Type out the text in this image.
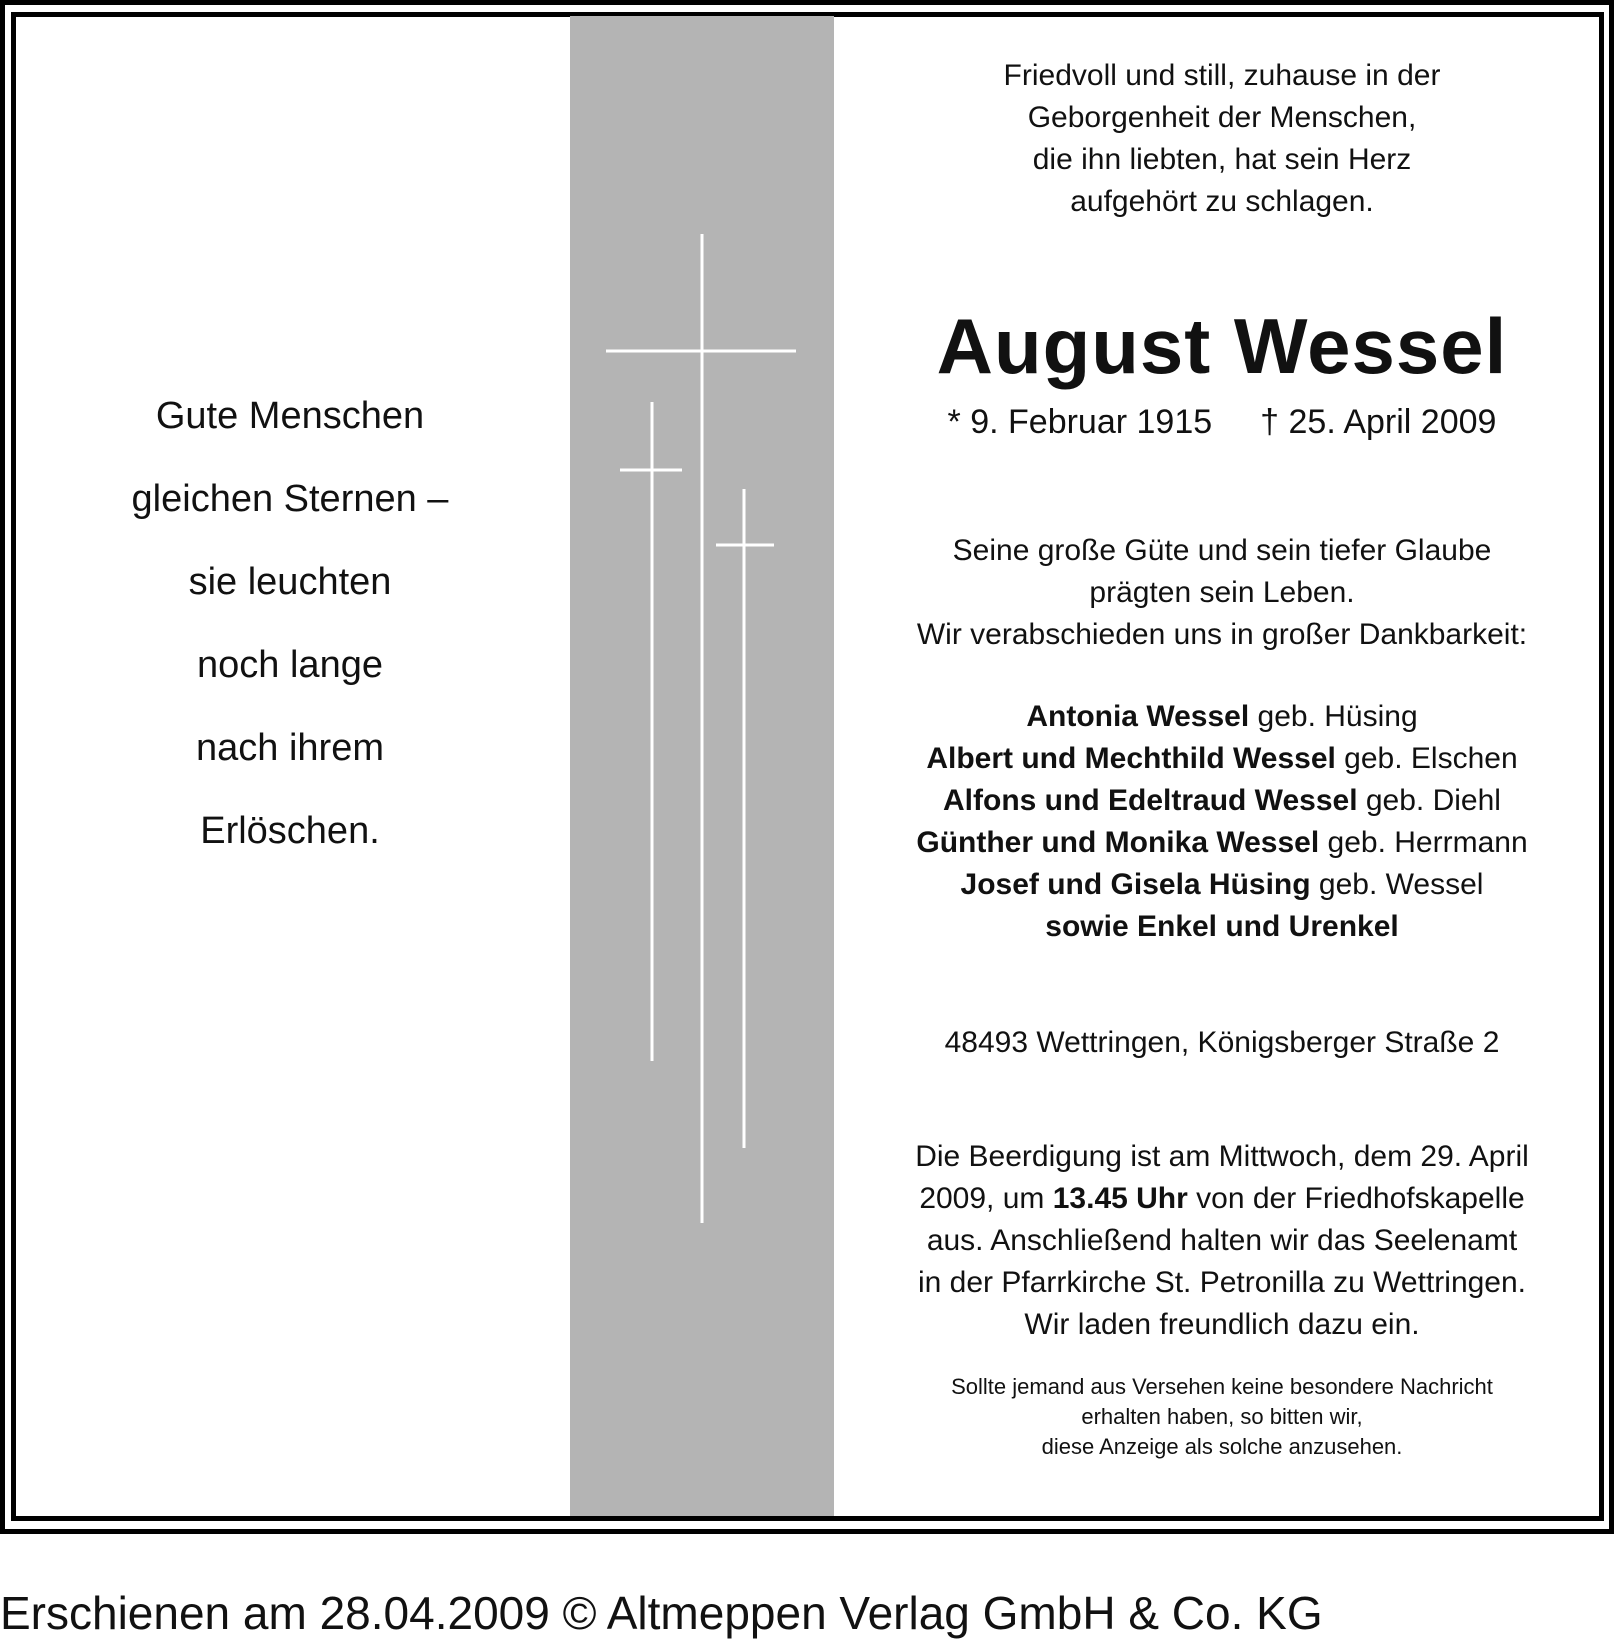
Gute Menschen
gleichen Sternen –
sie leuchten
noch lange
nach ihrem
Erlöschen.
Friedvoll und still, zuhause in der
Geborgenheit der Menschen,
die ihn liebten, hat sein Herz
aufgehört zu schlagen.
August Wessel
* 9. Februar 1915 † 25. April 2009
Seine große Güte und sein tiefer Glaube
prägten sein Leben.
Wir verabschieden uns in großer Dankbarkeit:
Antonia Wessel geb. Hüsing
Albert und Mechthild Wessel geb. Elschen
Alfons und Edeltraud Wessel geb. Diehl
Günther und Monika Wessel geb. Herrmann
Josef und Gisela Hüsing geb. Wessel
sowie Enkel und Urenkel
48493 Wettringen, Königsberger Straße 2
Die Beerdigung ist am Mittwoch, dem 29. April
2009, um 13.45 Uhr von der Friedhofskapelle
aus. Anschließend halten wir das Seelenamt
in der Pfarrkirche St. Petronilla zu Wettringen.
Wir laden freundlich dazu ein.
Sollte jemand aus Versehen keine besondere Nachricht
erhalten haben, so bitten wir,
diese Anzeige als solche anzusehen.
Erschienen am 28.04.2009 © Altmeppen Verlag GmbH & Co. KG
